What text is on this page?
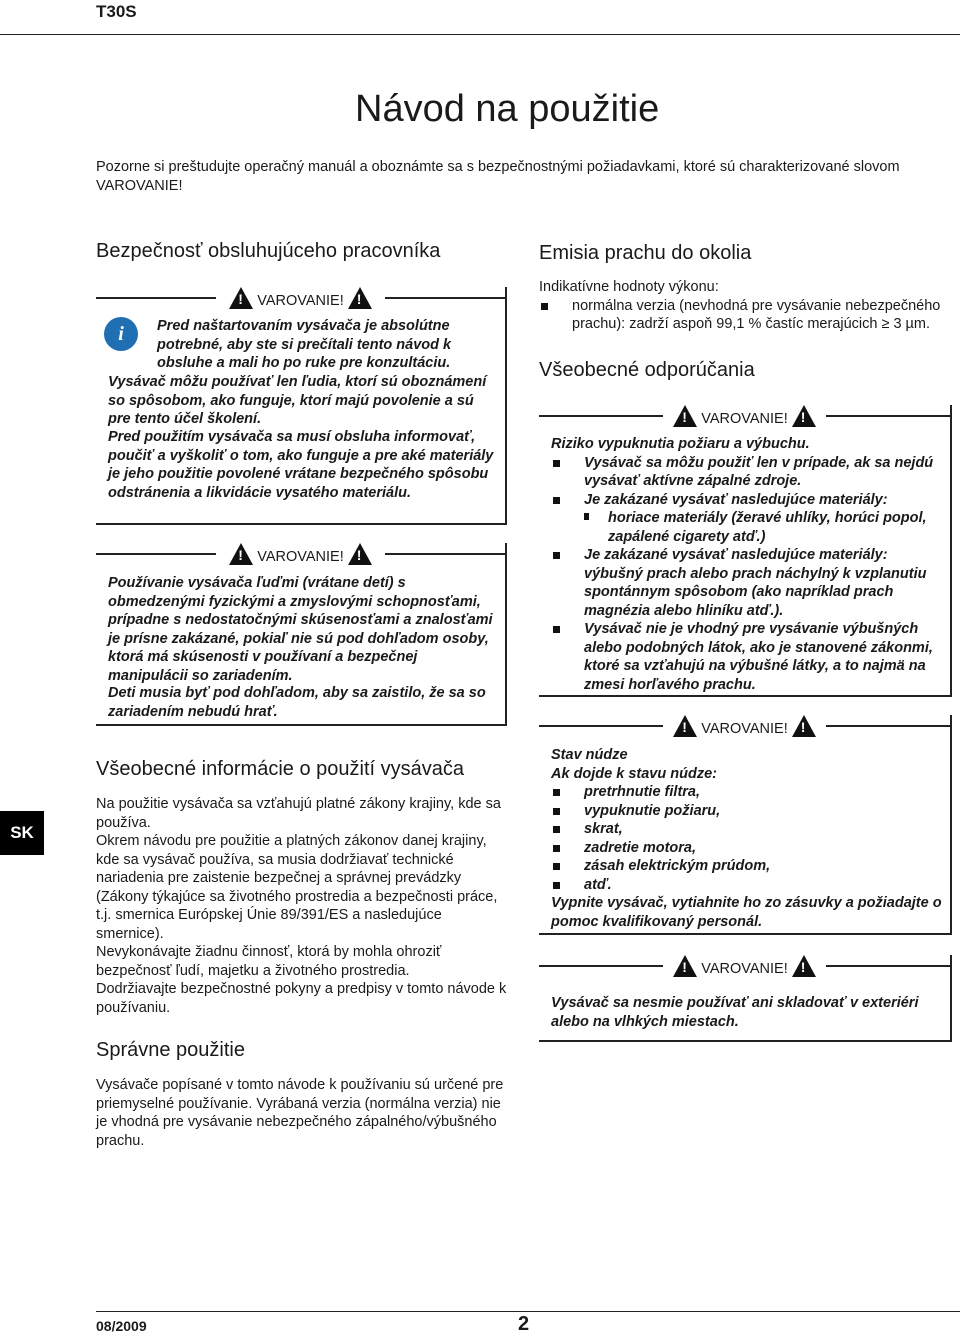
T30S
Návod na použitie
Pozorne si preštudujte operačný manuál a oboznámte sa s bezpečnostnými požiadavkami, ktoré sú charakterizované slovom VAROVANIE!
Bezpečnosť obsluhujúceho pracovníka
! VAROVANIE! !
i	Pred naštartovaním vysávača je absolútne potrebné, aby ste si prečítali tento návod k obsluhe a mali ho po ruke pre konzultáciu.
Vysávač môžu používať len ľudia, ktorí sú oboznámení so spôsobom, ako funguje, ktorí majú povolenie a sú pre tento účel školení.
Pred použitím vysávača sa musí obsluha informovať, poučiť a vyškoliť o tom, ako funguje a pre aké materiály je jeho použitie povolené vrátane bezpečného spôsobu odstránenia a likvidácie vysatého materiálu.
! VAROVANIE! !
Používanie vysávača ľuďmi (vrátane detí) s obmedzenými fyzickými a zmyslovými schopnosťami, prípadne s nedostatočnými skúsenosťami a znalosťami je prísne zakázané, pokiaľ nie sú pod dohľadom osoby, ktorá má skúsenosti v používaní a bezpečnej manipulácii so zariadením.
Deti musia byť pod dohľadom, aby sa zaistilo, že sa so zariadením nebudú hrať.
Všeobecné informácie o použití vysávača
Na použitie vysávača sa vzťahujú platné zákony krajiny, kde sa používa.
Okrem návodu pre použitie a platných zákonov danej krajiny, kde sa vysávač používa, sa musia dodržiavať technické nariadenia pre zaistenie bezpečnej a správnej prevádzky (Zákony týkajúce sa životného prostredia a bezpečnosti práce, t.j. smernica Európskej Únie 89/391/ES a nasledujúce smernice).
Nevykonávajte žiadnu činnosť, ktorá by mohla ohroziť bezpečnosť ľudí, majetku a životného prostredia.
Dodržiavajte bezpečnostné pokyny a predpisy v tomto návode k používaniu.
Správne použitie
Vysávače popísané v tomto návode k používaniu sú určené pre priemyselné používanie. Vyrábaná verzia (normálna verzia) nie je vhodná pre vysávanie nebezpečného zápalného/výbušného prachu.
Emisia prachu do okolia
Indikatívne hodnoty výkonu:
normálna verzia (nevhodná pre vysávanie nebezpečného prachu): zadrží aspoň 99,1 % častíc merajúcich ≥ 3 µm.
Všeobecné odporúčania
! VAROVANIE! !
Riziko vypuknutia požiaru a výbuchu.
Vysávač sa môžu použiť len v prípade, ak sa nejdú vysávať aktívne zápalné zdroje.
Je zakázané vysávať nasledujúce materiály:
horiace materiály (žeravé uhlíky, horúci popol, zapálené cigarety atď.)
Je zakázané vysávať nasledujúce materiály: výbušný prach alebo prach náchylný k vzplanutiu spontánnym spôsobom (ako napríklad prach magnézia alebo hliníku atď.).
Vysávač nie je vhodný pre vysávanie výbušných alebo podobných látok, ako je stanovené zákonmi, ktoré sa vzťahujú na výbušné látky, a to najmä na zmesi horľavého prachu.
! VAROVANIE! !
Stav núdze
Ak dojde k stavu núdze:
pretrhnutie filtra,
vypuknutie požiaru,
skrat,
zadretie motora,
zásah elektrickým prúdom,
atď.
Vypnite vysávač, vytiahnite ho zo zásuvky a požiadajte o pomoc kvalifikovaný personál.
! VAROVANIE! !
Vysávač sa nesmie používať ani skladovať v exteriéri alebo na vlhkých miestach.
SK
08/2009	2
